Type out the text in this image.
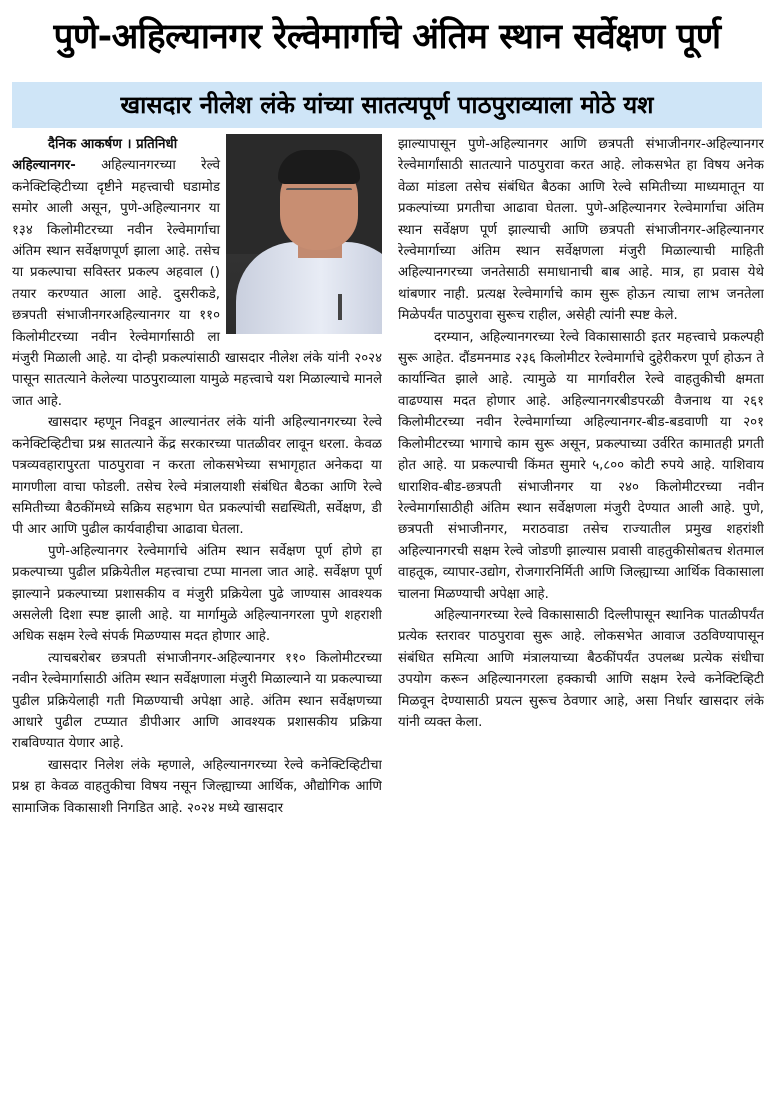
पुणे-अहिल्यानगर रेल्वेमार्गाचे अंतिम स्थान सर्वेक्षण पूर्ण
खासदार नीलेश लंके यांच्या सातत्यपूर्ण पाठपुराव्याला मोठे यश
दैनिक आकर्षण । प्रतिनिधी

अहिल्यानगर- अहिल्यानगरच्या रेल्वे कनेक्टिव्हिटीच्या दृष्टीने महत्त्वाची घडामोड समोर आली असून, पुणे-अहिल्यानगर या १३४ किलोमीटरच्या नवीन रेल्वेमार्गाचा अंतिम स्थान सर्वेक्षणपूर्ण झाला आहे. तसेच या प्रकल्पाचा सविस्तर प्रकल्प अहवाल () तयार करण्यात आला आहे. दुसरीकडे, छत्रपती संभाजीनगरअहिल्यानगर या ११० किलोमीटरच्या नवीन रेल्वेमार्गासाठी ला मंजुरी मिळाली आहे. या दोन्ही प्रकल्पांसाठी खासदार नीलेश लंके यांनी २०२४ पासून सातत्याने केलेल्या पाठपुराव्याला यामुळे महत्त्वाचे यश मिळाल्याचे मानले जात आहे.

खासदार म्हणून निवडून आल्यानंतर लंके यांनी अहिल्यानगरच्या रेल्वे कनेक्टिव्हिटीचा प्रश्न सातत्याने केंद्र सरकारच्या पातळीवर लावून धरला. केवळ पत्रव्यवहारापुरता पाठपुरावा न करता लोकसभेच्या सभागृहात अनेकदा या मागणीला वाचा फोडली. तसेच रेल्वे मंत्रालयाशी संबंधित बैठका आणि रेल्वे समितीच्या बैठकींमध्ये सक्रिय सहभाग घेत प्रकल्पांची सद्यस्थिती, सर्वेक्षण, डी पी आर आणि पुढील कार्यवाहीचा आढावा घेतला.

पुणे-अहिल्यानगर रेल्वेमार्गाचे अंतिम स्थान सर्वेक्षण पूर्ण होणे हा प्रकल्पाच्या पुढील प्रक्रियेतील महत्त्वाचा टप्पा मानला जात आहे. सर्वेक्षण पूर्ण झाल्याने प्रकल्पाच्या प्रशासकीय व मंजुरी प्रक्रियेला पुढे जाण्यास आवश्यक असलेली दिशा स्पष्ट झाली आहे. या मार्गामुळे अहिल्यानगरला पुणे शहराशी अधिक सक्षम रेल्वे संपर्क मिळण्यास मदत होणार आहे.

त्याचबरोबर छत्रपती संभाजीनगर-अहिल्यानगर ११० किलोमीटरच्या नवीन रेल्वेमार्गासाठी अंतिम स्थान सर्वेक्षणाला मंजुरी मिळाल्याने या प्रकल्पाच्या पुढील प्रक्रियेलाही गती मिळण्याची अपेक्षा आहे. अंतिम स्थान सर्वेक्षणच्या आधारे पुढील टप्प्यात डीपीआर आणि आवश्यक प्रशासकीय प्रक्रिया राबविण्यात येणार आहे.

खासदार निलेश लंके म्हणाले, अहिल्यानगरच्या रेल्वे कनेक्टिव्हिटीचा प्रश्न हा केवळ वाहतुकीचा विषय नसून जिल्ह्याच्या आर्थिक, औद्योगिक आणि सामाजिक विकासाशी निगडित आहे. २०२४ मध्ये खासदार

झाल्यापासून पुणे-अहिल्यानगर आणि छत्रपती संभाजीनगर-अहिल्यानगर रेल्वेमार्गांसाठी सातत्याने पाठपुरावा करत आहे. लोकसभेत हा विषय अनेक वेळा मांडला तसेच संबंधित बैठका आणि रेल्वे समितीच्या माध्यमातून या प्रकल्पांच्या प्रगतीचा आढावा घेतला. पुणे-अहिल्यानगर रेल्वेमार्गाचा अंतिम स्थान सर्वेक्षण पूर्ण झाल्याची आणि छत्रपती संभाजीनगर-अहिल्यानगर रेल्वेमार्गाच्या अंतिम स्थान सर्वेक्षणला मंजुरी मिळाल्याची माहिती अहिल्यानगरच्या जनतेसाठी समाधानाची बाब आहे. मात्र, हा प्रवास येथे थांबणार नाही. प्रत्यक्ष रेल्वेमार्गाचे काम सुरू होऊन त्याचा लाभ जनतेला मिळेपर्यंत पाठपुरावा सुरूच राहील, असेही त्यांनी स्पष्ट केले.

दरम्यान, अहिल्यानगरच्या रेल्वे विकासासाठी इतर महत्त्वाचे प्रकल्पही सुरू आहेत. दौंडमनमाड २३६ किलोमीटर रेल्वेमार्गाचे दुहेरीकरण पूर्ण होऊन ते कार्यान्वित झाले आहे. त्यामुळे या मार्गावरील रेल्वे वाहतुकीची क्षमता वाढण्यास मदत होणार आहे. अहिल्यानगरबीडपरळी वैजनाथ या २६१ किलोमीटरच्या नवीन रेल्वेमार्गाच्या अहिल्यानगर-बीड-बडवाणी या २०१ किलोमीटरच्या भागाचे काम सुरू असून, प्रकल्पाच्या उर्वरित कामातही प्रगती होत आहे. या प्रकल्पाची किंमत सुमारे ५,८०० कोटी रुपये आहे. याशिवाय धाराशिव-बीड-छत्रपती संभाजीनगर या २४० किलोमीटरच्या नवीन रेल्वेमार्गासाठीही अंतिम स्थान सर्वेक्षणला मंजुरी देण्यात आली आहे. पुणे, छत्रपती संभाजीनगर, मराठवाडा तसेच राज्यातील प्रमुख शहरांशी अहिल्यानगरची सक्षम रेल्वे जोडणी झाल्यास प्रवासी वाहतुकीसोबतच शेतमाल वाहतूक, व्यापार-उद्योग, रोजगारनिर्मिती आणि जिल्ह्याच्या आर्थिक विकासाला चालना मिळण्याची अपेक्षा आहे.

अहिल्यानगरच्या रेल्वे विकासासाठी दिल्लीपासून स्थानिक पातळीपर्यंत प्रत्येक स्तरावर पाठपुरावा सुरू आहे. लोकसभेत आवाज उठविण्यापासून संबंधित समित्या आणि मंत्रालयाच्या बैठकींपर्यंत उपलब्ध प्रत्येक संधीचा उपयोग करून अहिल्यानगरला हक्काची आणि सक्षम रेल्वे कनेक्टिव्हिटी मिळवून देण्यासाठी प्रयत्न सुरूच ठेवणार आहे, असा निर्धार खासदार लंके यांनी व्यक्त केला.
